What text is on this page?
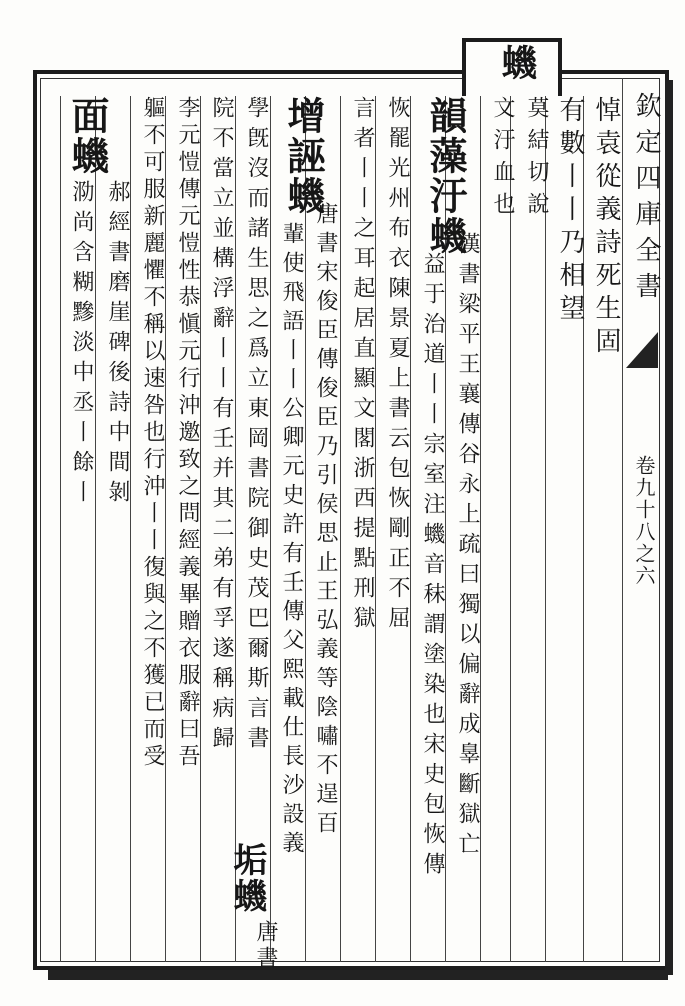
蟣
欽定四庫全書
卷九十八之六
悼袁從義詩死生固
有數丨丨乃相望
莫結切說
文汙血也
韻藻汙蟣
漢書梁平王襄傳谷永上疏曰獨以偏辭成辠斷獄亡
益于治道丨丨宗室注蟣音秣謂塗染也宋史包恢傳
恢罷光州布衣陳景夏上書云包恢剛正不屈
言者丨丨之耳起居直顯文閣浙西提點刑獄
增誣蟣
唐書宋俊臣傳俊臣乃引侯思止王弘義等陰嘯不逞百
輩使飛語丨丨公卿元史許有壬傳父熙載仕長沙設義
學旣沒而諸生思之爲立東岡書院御史茂巴爾斯言書
院不當立並構浮辭丨丨有壬并其二弟有孚遂稱病歸
垢蟣
唐書
李元愷傳元愷性恭愼元行沖邀致之問經義畢贈衣服辭曰吾
軀不可服新麗懼不稱以速咎也行沖丨丨復與之不獲已而受
面蟣
郝經書磨崖碑後詩中間剝
泐尚含糊黲淡中丞丨餘丨
